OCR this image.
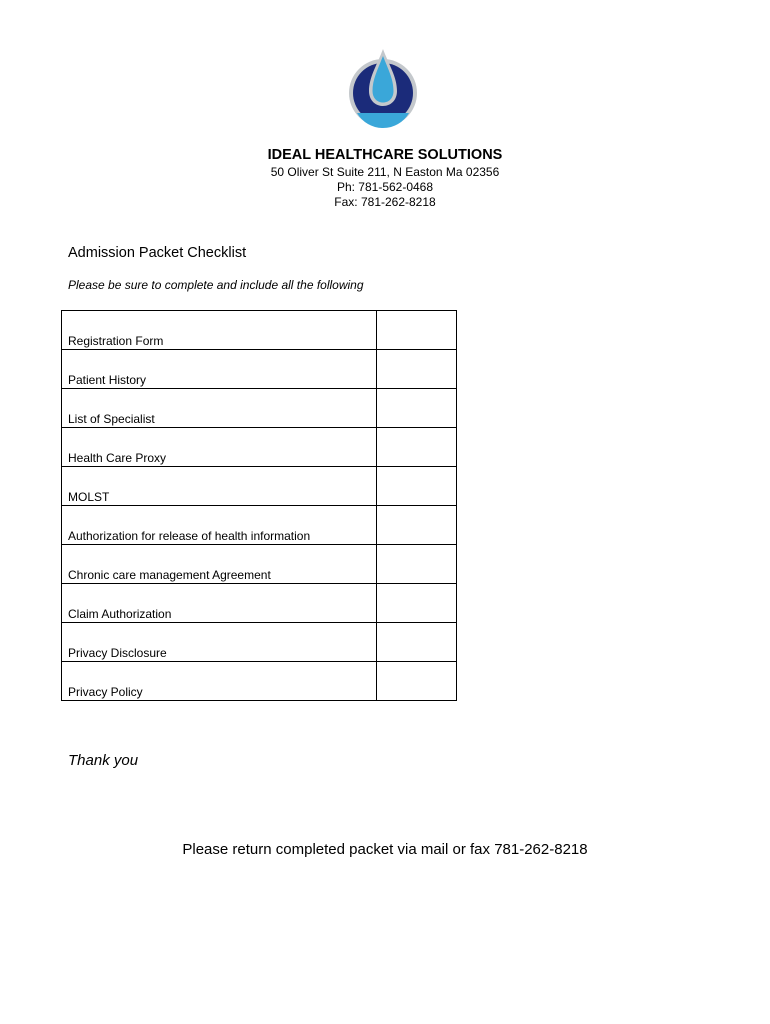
IDEAL HEALTHCARE SOLUTIONS
50 Oliver St Suite 211, N Easton Ma 02356
Ph: 781-562-0468
Fax: 781-262-8218
Admission Packet Checklist
Please be sure to complete and include all the following
Registration Form	

Patient History	

List of Specialist	

Health Care Proxy	

MOLST	

Authorization for release of health information	

Chronic care management Agreement	

Claim Authorization	

Privacy Disclosure	

Privacy Policy	

Thank you
Please return completed packet via mail or fax 781-262-8218
